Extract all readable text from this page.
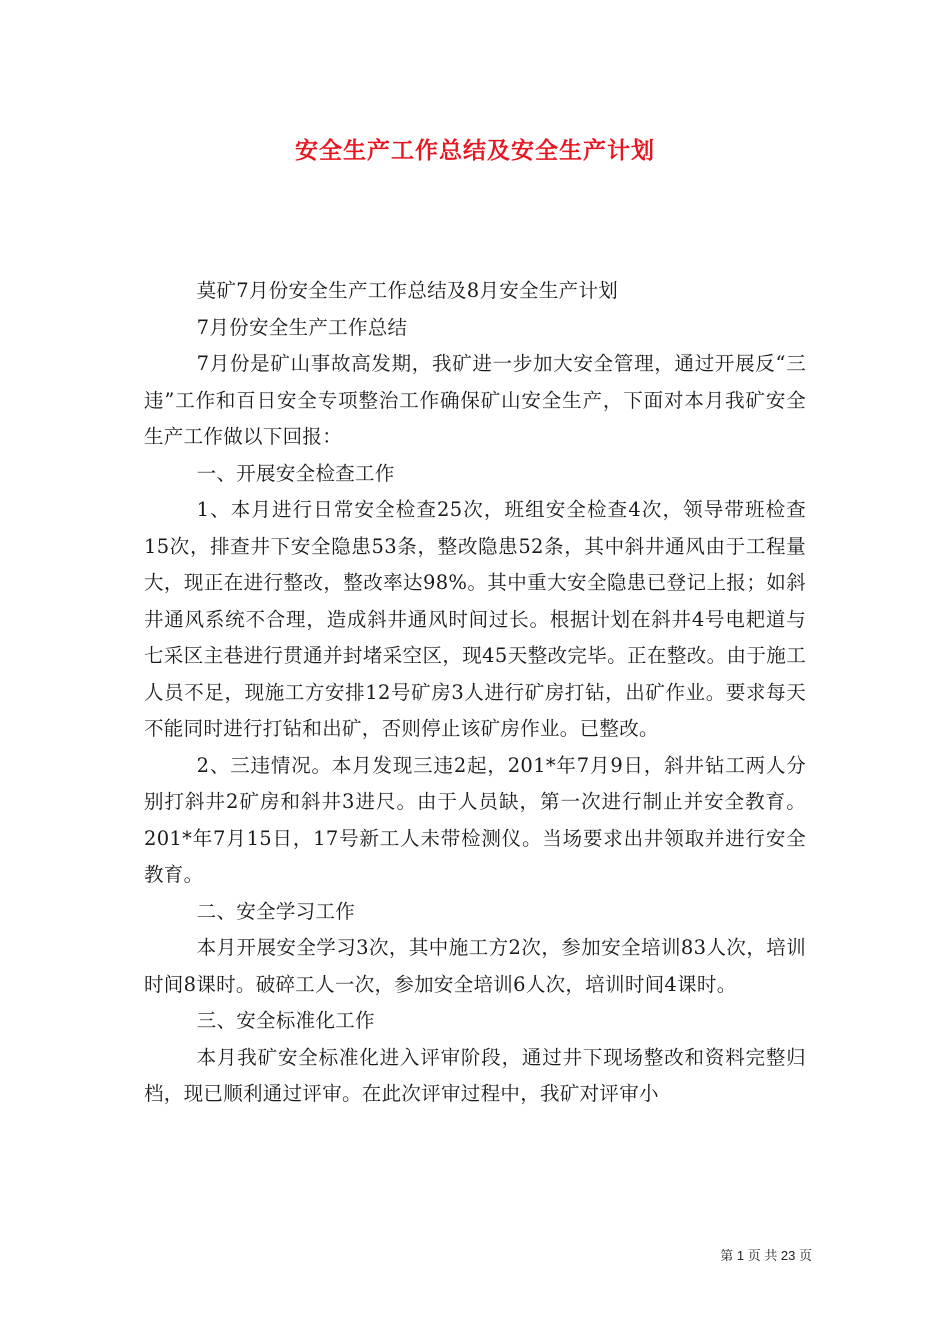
安全生产工作总结及安全生产计划

莫矿7月份安全生产工作总结及8月安全生产计划

7月份安全生产工作总结

7月份是矿山事故高发期，我矿进一步加大安全管理，通过开展反“三违”工作和百日安全专项整治工作确保矿山安全生产，下面对本月我矿安全生产工作做以下回报：

一、开展安全检查工作

1、本月进行日常安全检查25次，班组安全检查4次，领导带班检查15次，排查井下安全隐患53条，整改隐患52条，其中斜井通风由于工程量大，现正在进行整改，整改率达98%。其中重大安全隐患已登记上报；如斜井通风系统不合理，造成斜井通风时间过长。根据计划在斜井4号电耙道与七采区主巷进行贯通并封堵采空区，现45天整改完毕。正在整改。由于施工人员不足，现施工方安排12号矿房3人进行矿房打钻，出矿作业。要求每天不能同时进行打钻和出矿，否则停止该矿房作业。已整改。

2、三违情况。本月发现三违2起，201*年7月9日，斜井钻工两人分别打斜井2矿房和斜井3进尺。由于人员缺，第一次进行制止并安全教育。201*年7月15日，17号新工人未带检测仪。当场要求出井领取并进行安全教育。

二、安全学习工作

本月开展安全学习3次，其中施工方2次，参加安全培训83人次，培训时间8课时。破碎工人一次，参加安全培训6人次，培训时间4课时。

三、安全标准化工作

本月我矿安全标准化进入评审阶段，通过井下现场整改和资料完整归档，现已顺利通过评审。在此次评审过程中，我矿对评审小

第 1 页 共 23 页
